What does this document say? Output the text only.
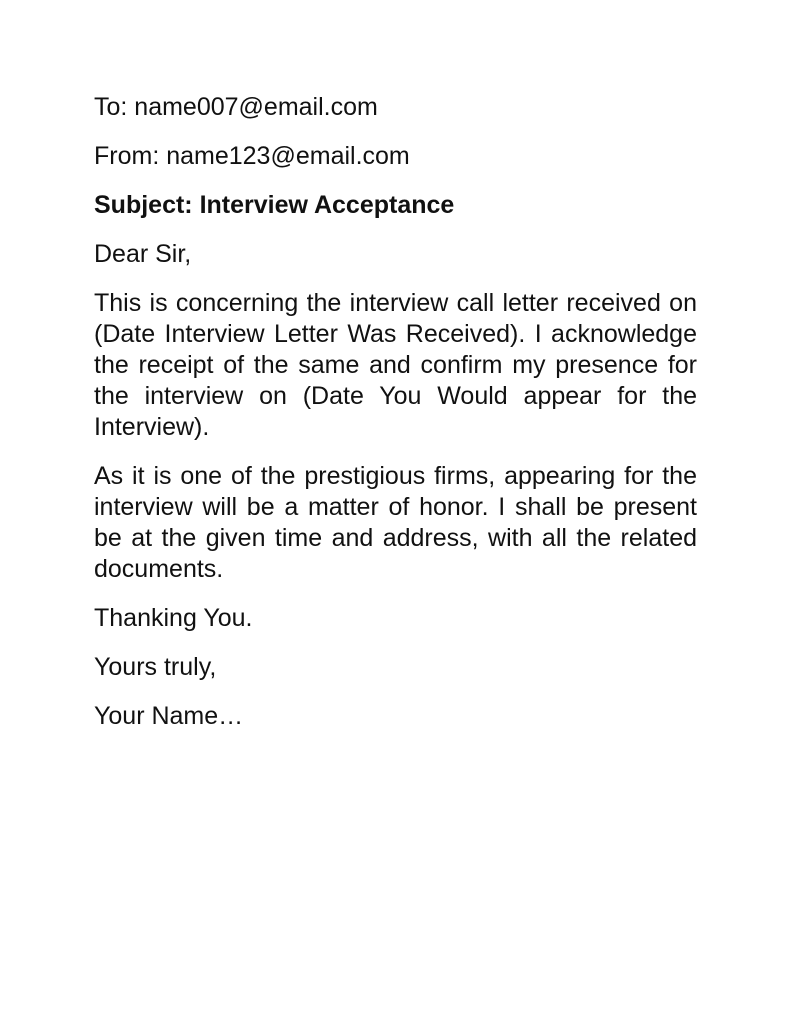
To: name007@email.com

From: name123@email.com

Subject: Interview Acceptance

Dear Sir,

This is concerning the interview call letter received on (Date Interview Letter Was Received). I acknowledge the receipt of the same and confirm my presence for the interview on (Date You Would appear for the Interview).

As it is one of the prestigious firms, appearing for the interview will be a matter of honor. I shall be present be at the given time and address, with all the related documents.

Thanking You.

Yours truly,

Your Name…
